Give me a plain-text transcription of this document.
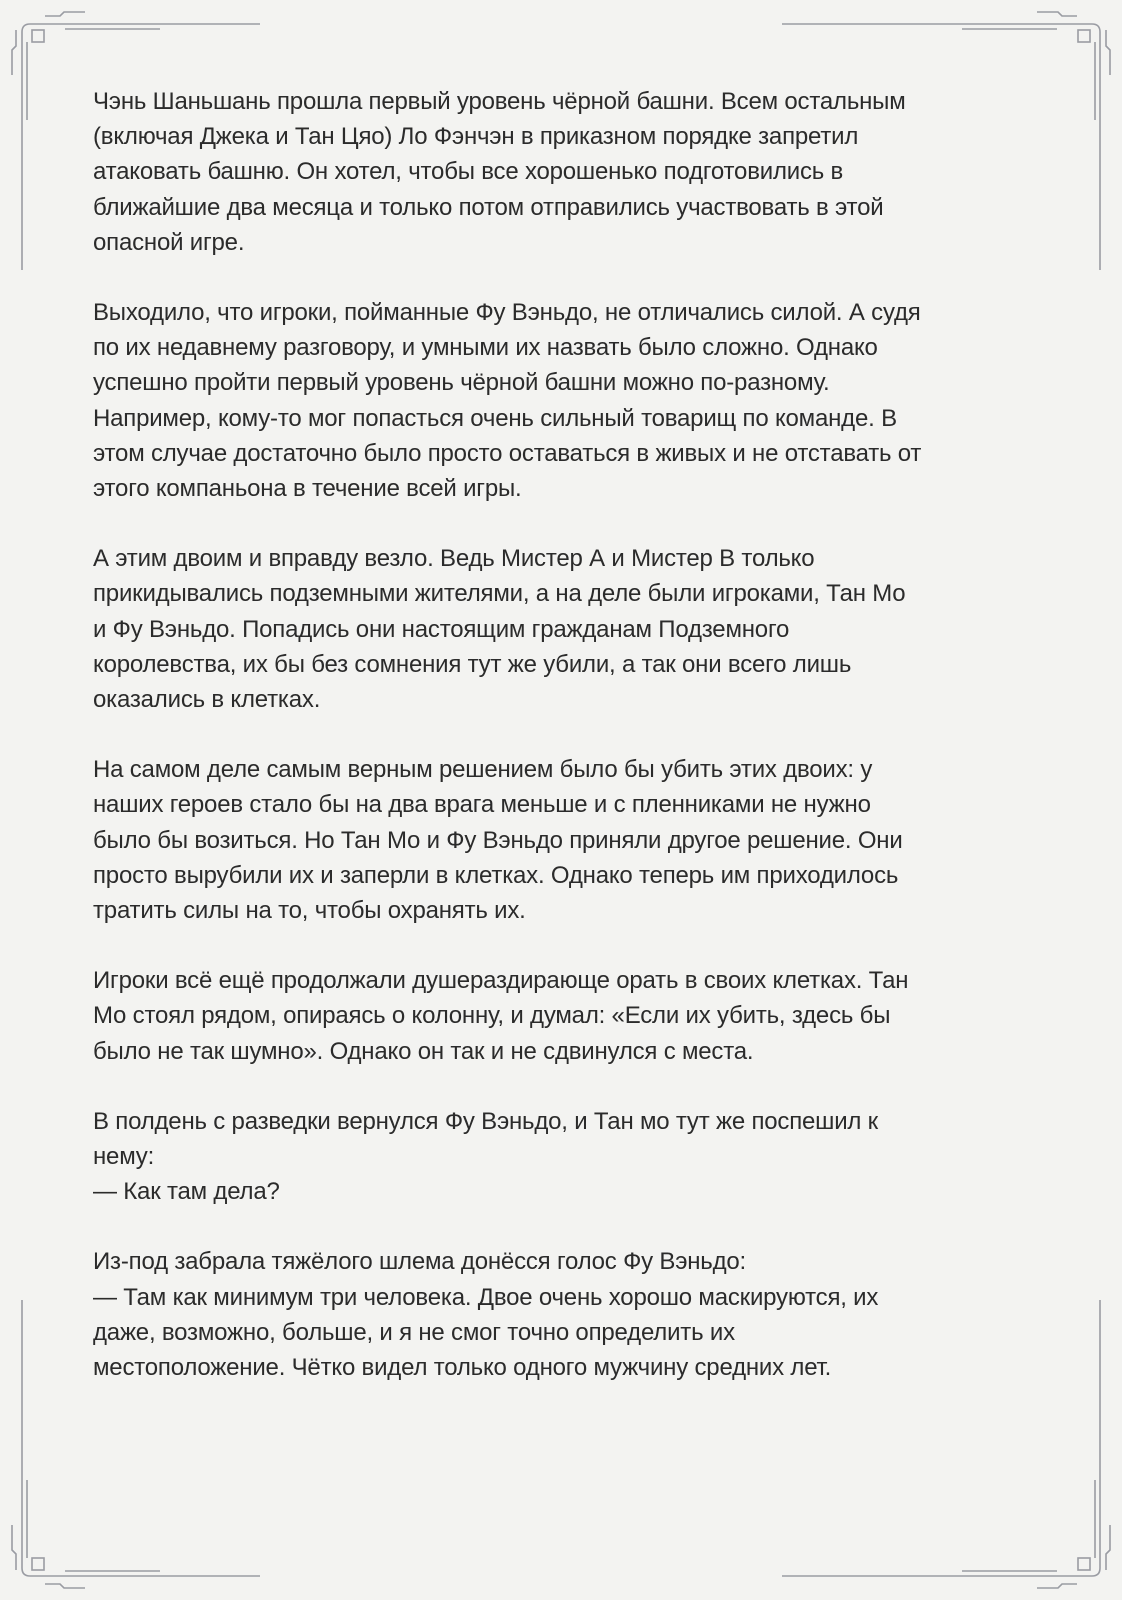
Чэнь Шаньшань прошла первый уровень чёрной башни. Всем остальным
(включая Джека и Тан Цяо) Ло Фэнчэн в приказном порядке запретил
атаковать башню. Он хотел, чтобы все хорошенько подготовились в
ближайшие два месяца и только потом отправились участвовать в этой
опасной игре.

Выходило, что игроки, пойманные Фу Вэньдо, не отличались силой. А судя
по их недавнему разговору, и умными их назвать было сложно. Однако
успешно пройти первый уровень чёрной башни можно по-разному.
Например, кому-то мог попасться очень сильный товарищ по команде. В
этом случае достаточно было просто оставаться в живых и не отставать от
этого компаньона в течение всей игры.

А этим двоим и вправду везло. Ведь Мистер А и Мистер В только
прикидывались подземными жителями, а на деле были игроками, Тан Мо
и Фу Вэньдо. Попадись они настоящим гражданам Подземного
королевства, их бы без сомнения тут же убили, а так они всего лишь
оказались в клетках.

На самом деле самым верным решением было бы убить этих двоих: у
наших героев стало бы на два врага меньше и с пленниками не нужно
было бы возиться. Но Тан Мо и Фу Вэньдо приняли другое решение. Они
просто вырубили их и заперли в клетках. Однако теперь им приходилось
тратить силы на то, чтобы охранять их.

Игроки всё ещё продолжали душераздирающе орать в своих клетках. Тан
Мо стоял рядом, опираясь о колонну, и думал: «Если их убить, здесь бы
было не так шумно». Однако он так и не сдвинулся с места.

В полдень с разведки вернулся Фу Вэньдо, и Тан мо тут же поспешил к
нему:
— Как там дела?

Из-под забрала тяжёлого шлема донёсся голос Фу Вэньдо:
— Там как минимум три человека. Двое очень хорошо маскируются, их
даже, возможно, больше, и я не смог точно определить их
местоположение. Чётко видел только одного мужчину средних лет.
